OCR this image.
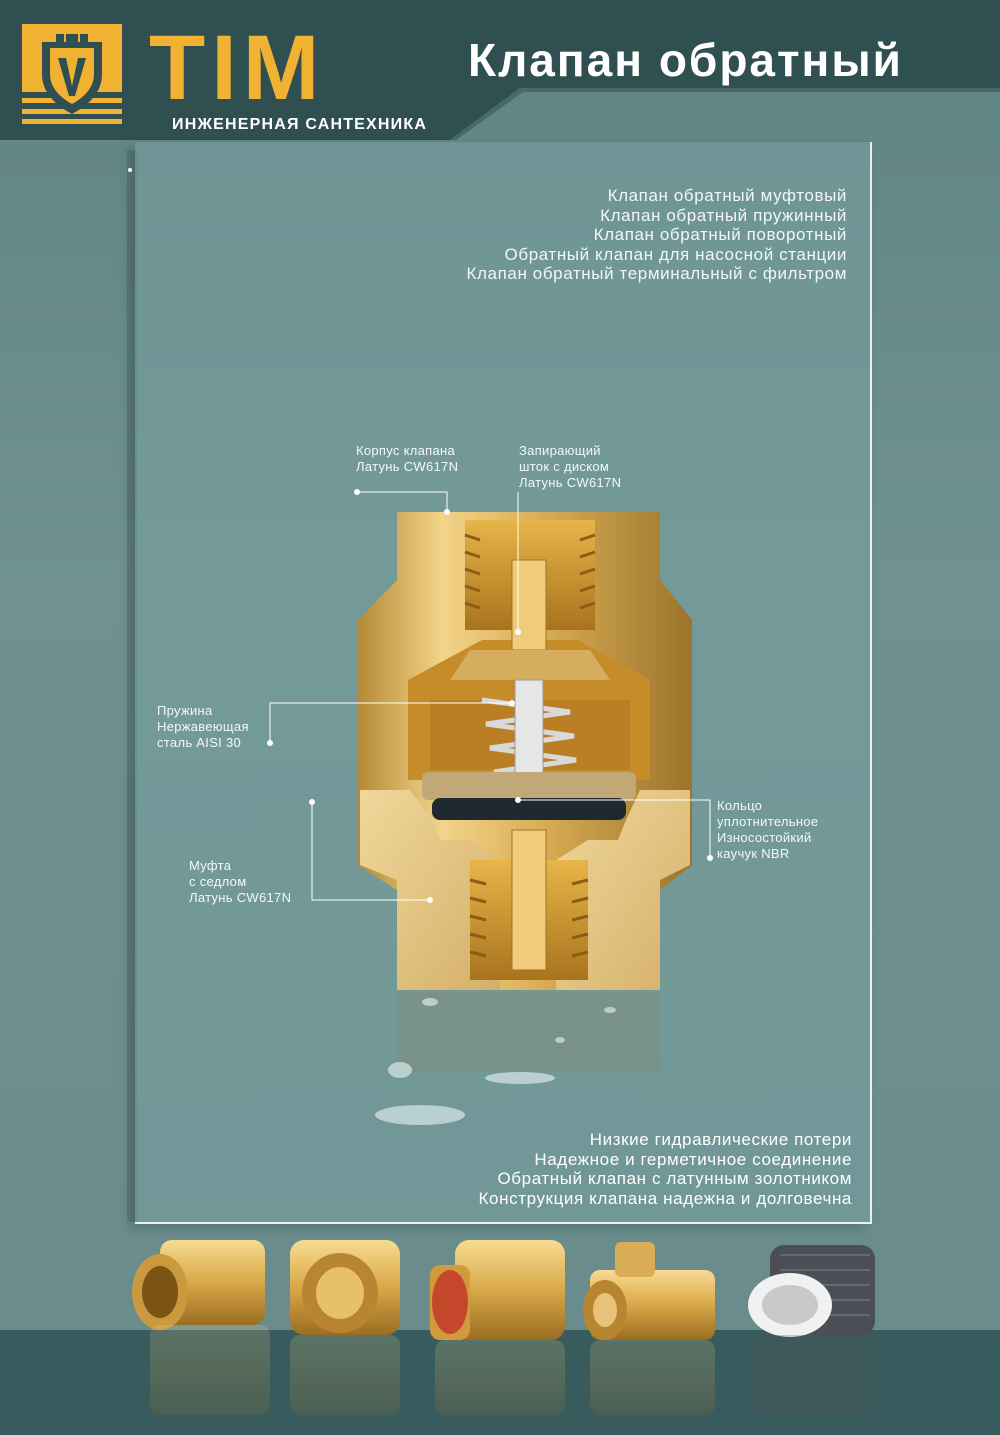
TIM
ИНЖЕНЕРНАЯ САНТЕХНИКА
Клапан обратный
Клапан обратный муфтовый
Клапан обратный пружинный
Клапан обратный поворотный
Обратный клапан для насосной станции
Клапан обратный терминальный с фильтром
Корпус клапана
Латунь CW617N
Запирающий
шток с диском
Латунь CW617N
Пружина
Нержавеющая
сталь AISI 30
Кольцо
уплотнительное
Износостойкий
каучук NBR
Муфта
с седлом
Латунь CW617N
Низкие гидравлические потери
Надежное и герметичное соединение
Обратный клапан с латунным золотником
Конструкция клапана надежна и долговечна
